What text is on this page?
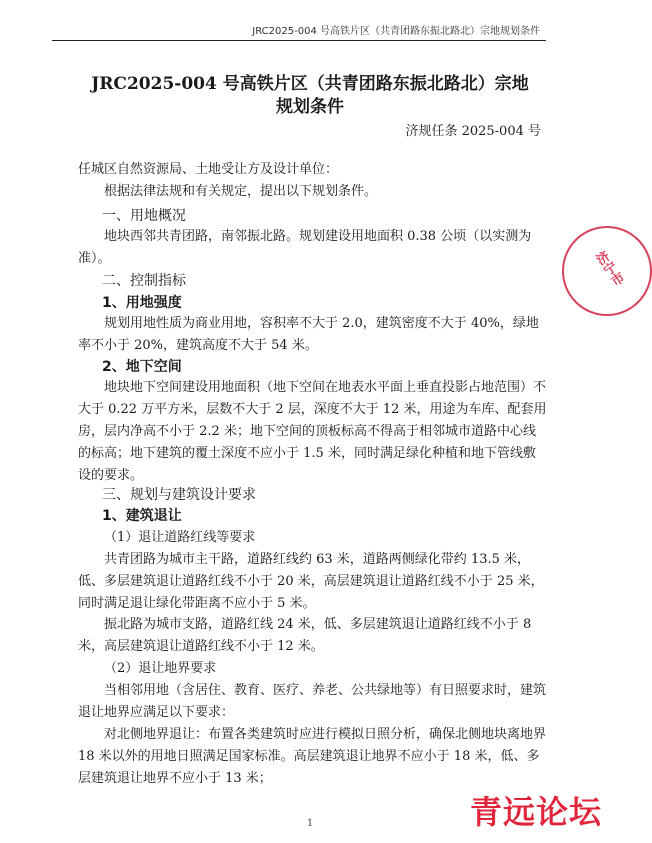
JRC2025-004 号高铁片区（共青团路东振北路北）宗地规划条件
JRC2025-004 号高铁片区（共青团路东振北路北）宗地
规划条件
济规任条 2025-004 号

任城区自然资源局、土地受让方及设计单位：

根据法律法规和有关规定，提出以下规划条件。

一、用地概况

地块西邻共青团路，南邻振北路。规划建设用地面积 0.38 公顷（以实测为准）。

二、控制指标
1、用地强度

规划用地性质为商业用地，容积率不大于 2.0，建筑密度不大于 40%，绿地率不小于 20%，建筑高度不大于 54 米。

2、地下空间

地块地下空间建设用地面积（地下空间在地表水平面上垂直投影占地范围）不大于 0.22 万平方米，层数不大于 2 层，深度不大于 12 米，用途为车库、配套用房，层内净高不小于 2.2 米；地下空间的顶板标高不得高于相邻城市道路中心线的标高；地下建筑的覆土深度不应小于 1.5 米，同时满足绿化种植和地下管线敷设的要求。

三、规划与建筑设计要求
1、建筑退让

（1）退让道路红线等要求

共青团路为城市主干路，道路红线约 63 米，道路两侧绿化带约 13.5 米，低、多层建筑退让道路红线不小于 20 米，高层建筑退让道路红线不小于 25 米，同时满足退让绿化带距离不应小于 5 米。

振北路为城市支路，道路红线 24 米，低、多层建筑退让道路红线不小于 8 米，高层建筑退让道路红线不小于 12 米。

（2）退让地界要求

当相邻用地（含居住、教育、医疗、养老、公共绿地等）有日照要求时，建筑退让地界应满足以下要求：

对北侧地界退让：布置各类建筑时应进行模拟日照分析，确保北侧地块离地界 18 米以外的用地日照满足国家标准。高层建筑退让地界不应小于 18 米，低、多层建筑退让地界不应小于 13 米；

1
济宁市
青远论坛
